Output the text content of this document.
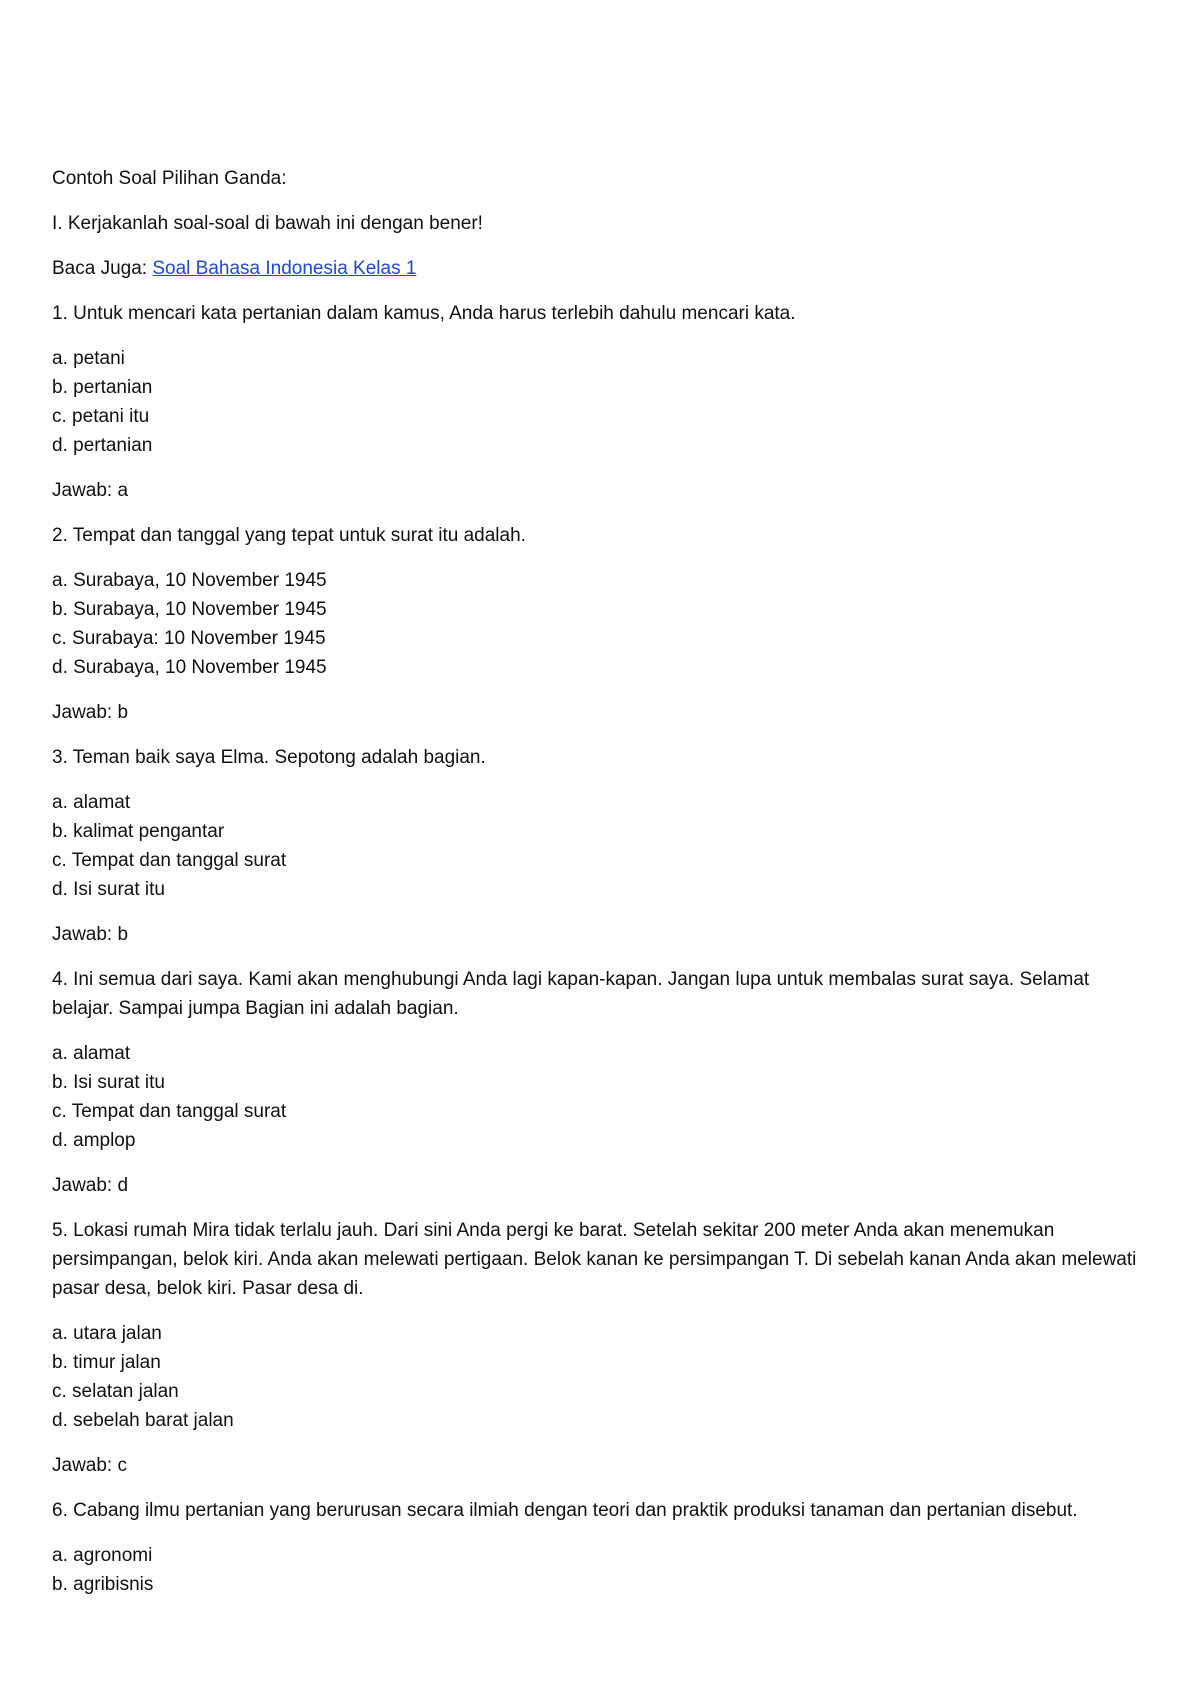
Contoh Soal Pilihan Ganda:

I. Kerjakanlah soal-soal di bawah ini dengan bener!

Baca Juga: Soal Bahasa Indonesia Kelas 1

1. Untuk mencari kata pertanian dalam kamus, Anda harus terlebih dahulu mencari kata.

a. petani
b. pertanian
c. petani itu
d. pertanian

Jawab: a

2. Tempat dan tanggal yang tepat untuk surat itu adalah.

a. Surabaya, 10 November 1945
b. Surabaya, 10 November 1945
c. Surabaya: 10 November 1945
d. Surabaya, 10 November 1945

Jawab: b

3. Teman baik saya Elma. Sepotong adalah bagian.

a. alamat
b. kalimat pengantar
c. Tempat dan tanggal surat
d. Isi surat itu

Jawab: b

4. Ini semua dari saya. Kami akan menghubungi Anda lagi kapan-kapan. Jangan lupa untuk membalas surat saya. Selamat belajar. Sampai jumpa Bagian ini adalah bagian.

a. alamat
b. Isi surat itu
c. Tempat dan tanggal surat
d. amplop

Jawab: d

5. Lokasi rumah Mira tidak terlalu jauh. Dari sini Anda pergi ke barat. Setelah sekitar 200 meter Anda akan menemukan persimpangan, belok kiri. Anda akan melewati pertigaan. Belok kanan ke persimpangan T. Di sebelah kanan Anda akan melewati pasar desa, belok kiri. Pasar desa di.

a. utara jalan
b. timur jalan
c. selatan jalan
d. sebelah barat jalan

Jawab: c

6. Cabang ilmu pertanian yang berurusan secara ilmiah dengan teori dan praktik produksi tanaman dan pertanian disebut.

a. agronomi
b. agribisnis
